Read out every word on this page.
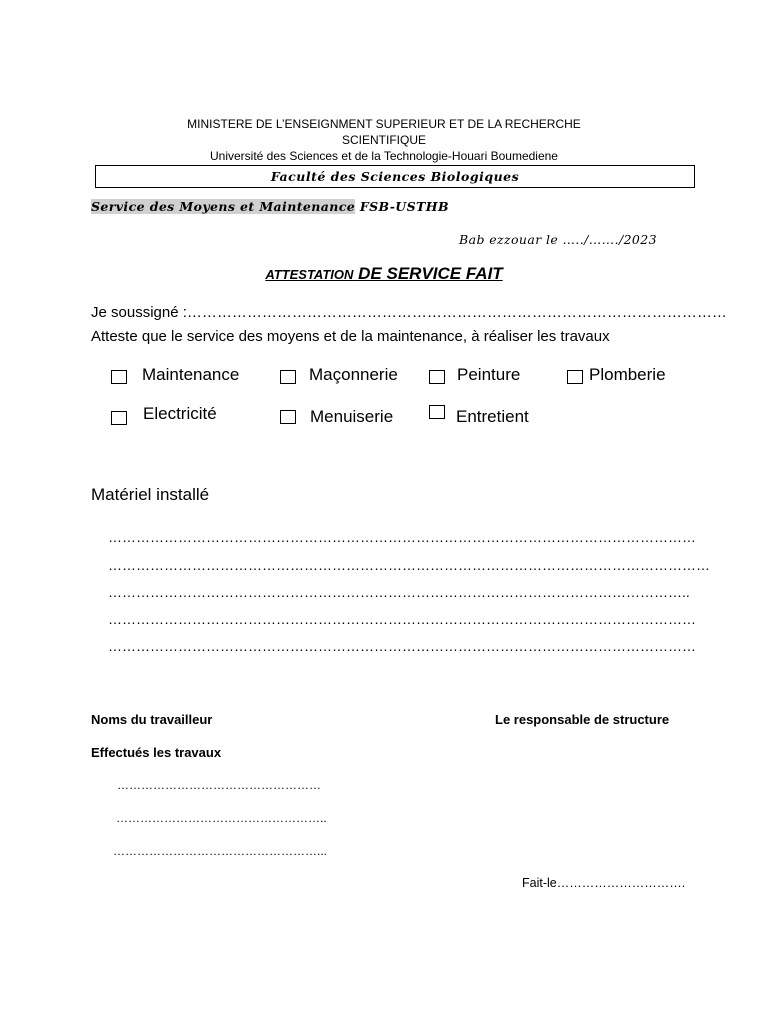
MINISTERE DE L’ENSEIGNMENT SUPERIEUR ET DE LA RECHERCHE
SCIENTIFIQUE
Université des Sciences et de la Technologie-Houari Boumediene
Faculté des Sciences Biologiques
Service des Moyens et Maintenance FSB-USTHB
Bab ezzouar le …../……./2023
ATTESTATION DE SERVICE FAIT
Je soussigné :………………………………………………………………………………………………
Atteste que le service des moyens et de la maintenance, à réaliser les travaux
Maintenance	Maçonnerie	Peinture	Plomberie
Electricité	Menuiserie	Entretient
Matériel installé
………………………………………………………………………………………………………………
…………………………………………………………………………………………………………………
……………………………………………………………………………………………………………..
………………………………………………………………………………………………………………
………………………………………………………………………………………………………………
Noms du travailleur	Le responsable de structure
Effectués les travaux
……………………………………………
……………………………………………..
……………………………………………...
Fait-le………………………….
